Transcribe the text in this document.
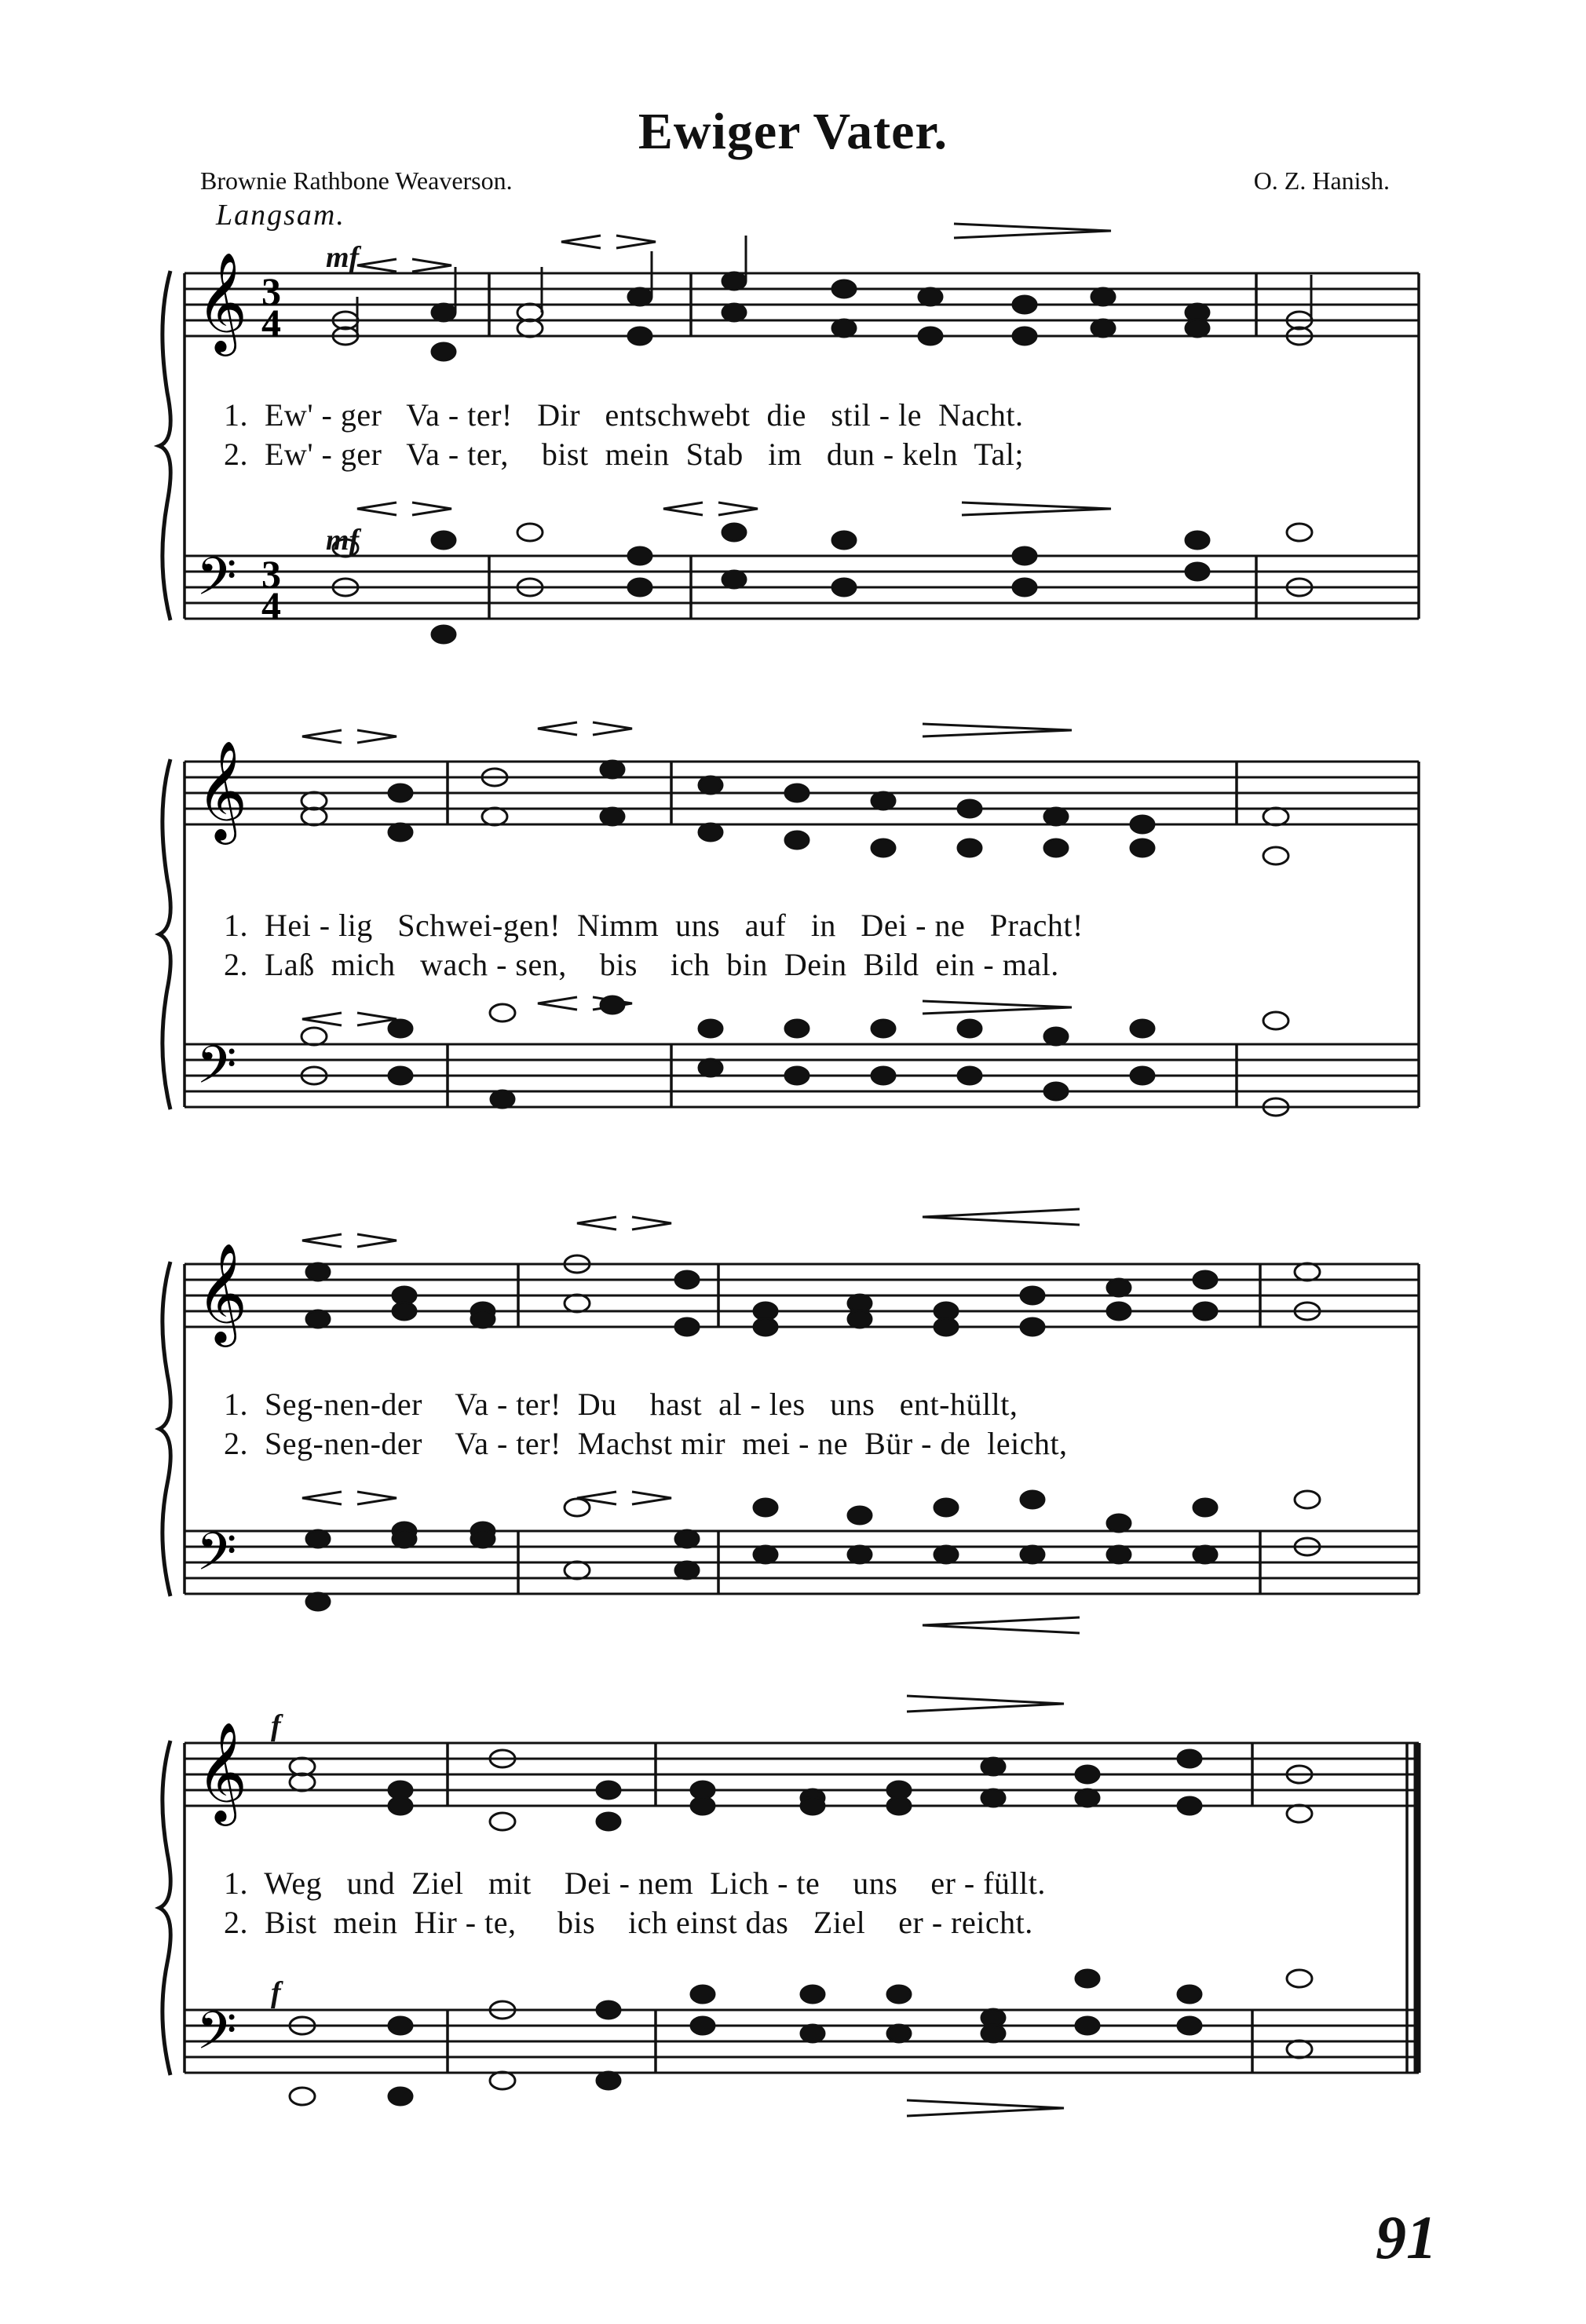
Ewiger Vater.
Brownie Rathbone Weaverson.	O. Z. Hanish.
Langsam.
𝄞
𝄢
3
4
3
4
mf
mf
1.  Ew' - ger   Va - ter!   Dir   entschwebt  die   stil - le  Nacht.
2.  Ew' - ger   Va - ter,    bist  mein  Stab   im   dun - keln  Tal;
𝄞
𝄢
1.  Hei - lig   Schwei-gen!  Nimm  uns   auf   in   Dei - ne   Pracht!
2.  Laß  mich   wach - sen,    bis    ich  bin  Dein  Bild  ein - mal.
𝄞
𝄢
1.  Seg-nen-der    Va - ter!  Du    hast  al - les   uns   ent-hüllt,
2.  Seg-nen-der    Va - ter!  Machst mir  mei - ne  Bür - de  leicht,
𝄞
𝄢
f
f
1.  Weg   und  Ziel   mit    Dei - nem  Lich - te    uns    er - füllt.
2.  Bist  mein  Hir - te,     bis    ich einst das   Ziel    er - reicht.
91
